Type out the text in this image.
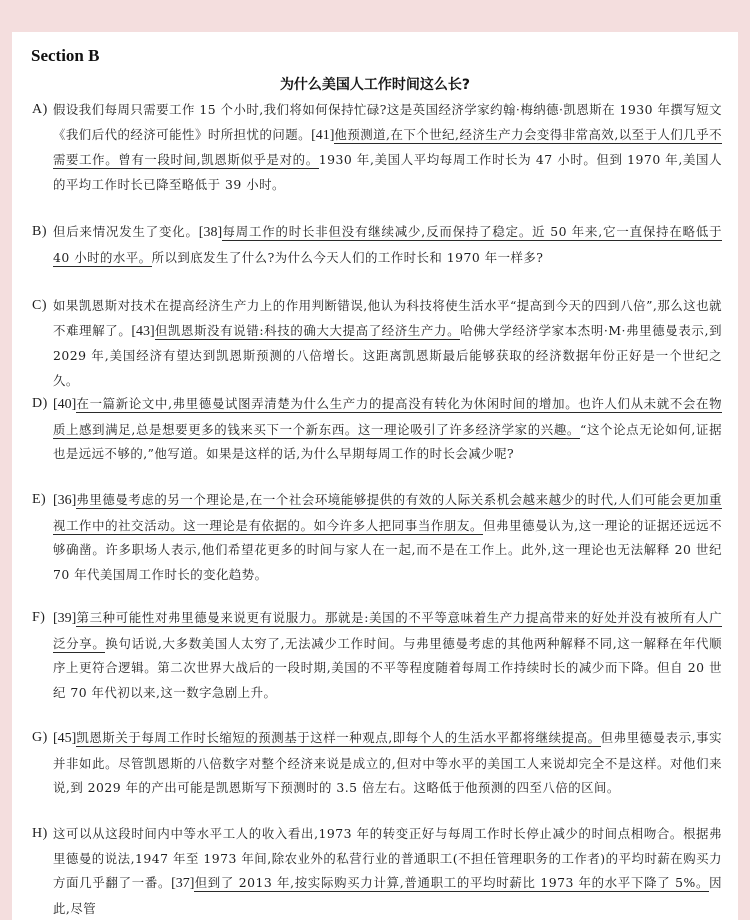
Section B
为什么美国人工作时间这么长?
A) 假设我们每周只需要工作 15 个小时,我们将如何保持忙碌?这是英国经济学家约翰·梅纳德·凯恩斯在 1930 年撰写短文《我们后代的经济可能性》时所担忧的问题。[41]他预测道,在下个世纪,经济生产力会变得非常高效,以至于人们几乎不需要工作。曾有一段时间,凯恩斯似乎是对的。1930 年,美国人平均每周工作时长为 47 小时。但到 1970 年,美国人的平均工作时长已降至略低于 39 小时。
B) 但后来情况发生了变化。[38]每周工作的时长非但没有继续减少,反而保持了稳定。近 50 年来,它一直保持在略低于 40 小时的水平。所以到底发生了什么?为什么今天人们的工作时长和 1970 年一样多?
C) 如果凯恩斯对技术在提高经济生产力上的作用判断错误,他认为科技将使生活水平“提高到今天的四到八倍”,那么这也就不难理解了。[43]但凯恩斯没有说错:科技的确大大提高了经济生产力。哈佛大学经济学家本杰明·M·弗里德曼表示,到 2029 年,美国经济有望达到凯恩斯预测的八倍增长。这距离凯恩斯最后能够获取的经济数据年份正好是一个世纪之久。
D) [40]在一篇新论文中,弗里德曼试图弄清楚为什么生产力的提高没有转化为休闲时间的增加。也许人们从未就不会在物质上感到满足,总是想要更多的钱来买下一个新东西。这一理论吸引了许多经济学家的兴趣。“这个论点无论如何,证据也是远远不够的,”他写道。如果是这样的话,为什么早期每周工作的时长会减少呢?
E) [36]弗里德曼考虑的另一个理论是,在一个社会环境能够提供的有效的人际关系机会越来越少的时代,人们可能会更加重视工作中的社交活动。这一理论是有依据的。如今许多人把同事当作朋友。但弗里德曼认为,这一理论的证据还远远不够确凿。许多职场人表示,他们希望花更多的时间与家人在一起,而不是在工作上。此外,这一理论也无法解释 20 世纪 70 年代美国周工作时长的变化趋势。
F) [39]第三种可能性对弗里德曼来说更有说服力。那就是:美国的不平等意味着生产力提高带来的好处并没有被所有人广泛分享。换句话说,大多数美国人太穷了,无法减少工作时间。与弗里德曼考虑的其他两种解释不同,这一解释在年代顺序上更符合逻辑。第二次世界大战后的一段时期,美国的不平等程度随着每周工作持续时长的减少而下降。但自 20 世纪 70 年代初以来,这一数字急剧上升。
G) [45]凯恩斯关于每周工作时长缩短的预测基于这样一种观点,即每个人的生活水平都将继续提高。但弗里德曼表示,事实并非如此。尽管凯恩斯的八倍数字对整个经济来说是成立的,但对中等水平的美国工人来说却完全不是这样。对他们来说,到 2029 年的产出可能是凯恩斯写下预测时的 3.5 倍左右。这略低于他预测的四至八倍的区间。
H) 这可以从这段时间内中等水平工人的收入看出,1973 年的转变正好与每周工作时长停止减少的时间点相吻合。根据弗里德曼的说法,1947 年至 1973 年间,除农业外的私营行业的普通职工(不担任管理职务的工作者)的平均时薪在购买力方面几乎翻了一番。[37]但到了 2013 年,按实际购买力计算,普通职工的平均时薪比 1973 年的水平下降了 5%。因此,尽管
